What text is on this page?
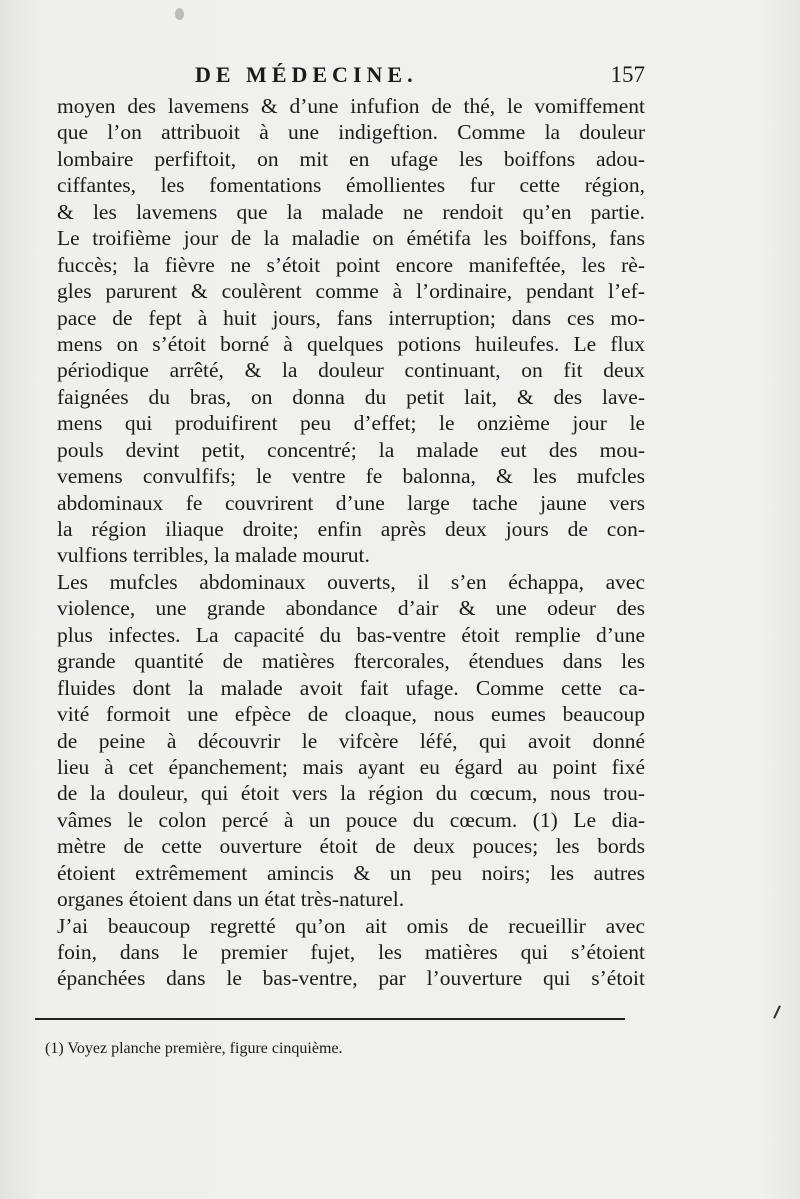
DE MÉDECINE.	157
moyen des lavemens & d’une infufion de thé, le vomiffement
que l’on attribuoit à une indigeftion. Comme la douleur
lombaire perfiftoit, on mit en ufage les boiffons adou-
ciffantes, les fomentations émollientes fur cette région,
& les lavemens que la malade ne rendoit qu’en partie.
Le troifième jour de la maladie on émétifa les boiffons, fans
fuccès; la fièvre ne s’étoit point encore manifeftée, les rè-
gles parurent & coulèrent comme à l’ordinaire, pendant l’ef-
pace de fept à huit jours, fans interruption; dans ces mo-
mens on s’étoit borné à quelques potions huileufes. Le flux
périodique arrêté, & la douleur continuant, on fit deux
faignées du bras, on donna du petit lait, & des lave-
mens qui produifirent peu d’effet; le onzième jour le
pouls devint petit, concentré; la malade eut des mou-
vemens convulfifs; le ventre fe balonna, & les mufcles
abdominaux fe couvrirent d’une large tache jaune vers
la région iliaque droite; enfin après deux jours de con-
vulfions terribles, la malade mourut.
Les mufcles abdominaux ouverts, il s’en échappa, avec
violence, une grande abondance d’air & une odeur des
plus infectes. La capacité du bas-ventre étoit remplie d’une
grande quantité de matières ftercorales, étendues dans les
fluides dont la malade avoit fait ufage. Comme cette ca-
vité formoit une efpèce de cloaque, nous eumes beaucoup
de peine à découvrir le vifcère léfé, qui avoit donné
lieu à cet épanchement; mais ayant eu égard au point fixé
de la douleur, qui étoit vers la région du cœcum, nous trou-
vâmes le colon percé à un pouce du cœcum. (1) Le dia-
mètre de cette ouverture étoit de deux pouces; les bords
étoient extrêmement amincis & un peu noirs; les autres
organes étoient dans un état très-naturel.
J’ai beaucoup regretté qu’on ait omis de recueillir avec
foin, dans le premier fujet, les matières qui s’étoient
épanchées dans le bas-ventre, par l’ouverture qui s’étoit
(1) Voyez planche première, figure cinquième.
